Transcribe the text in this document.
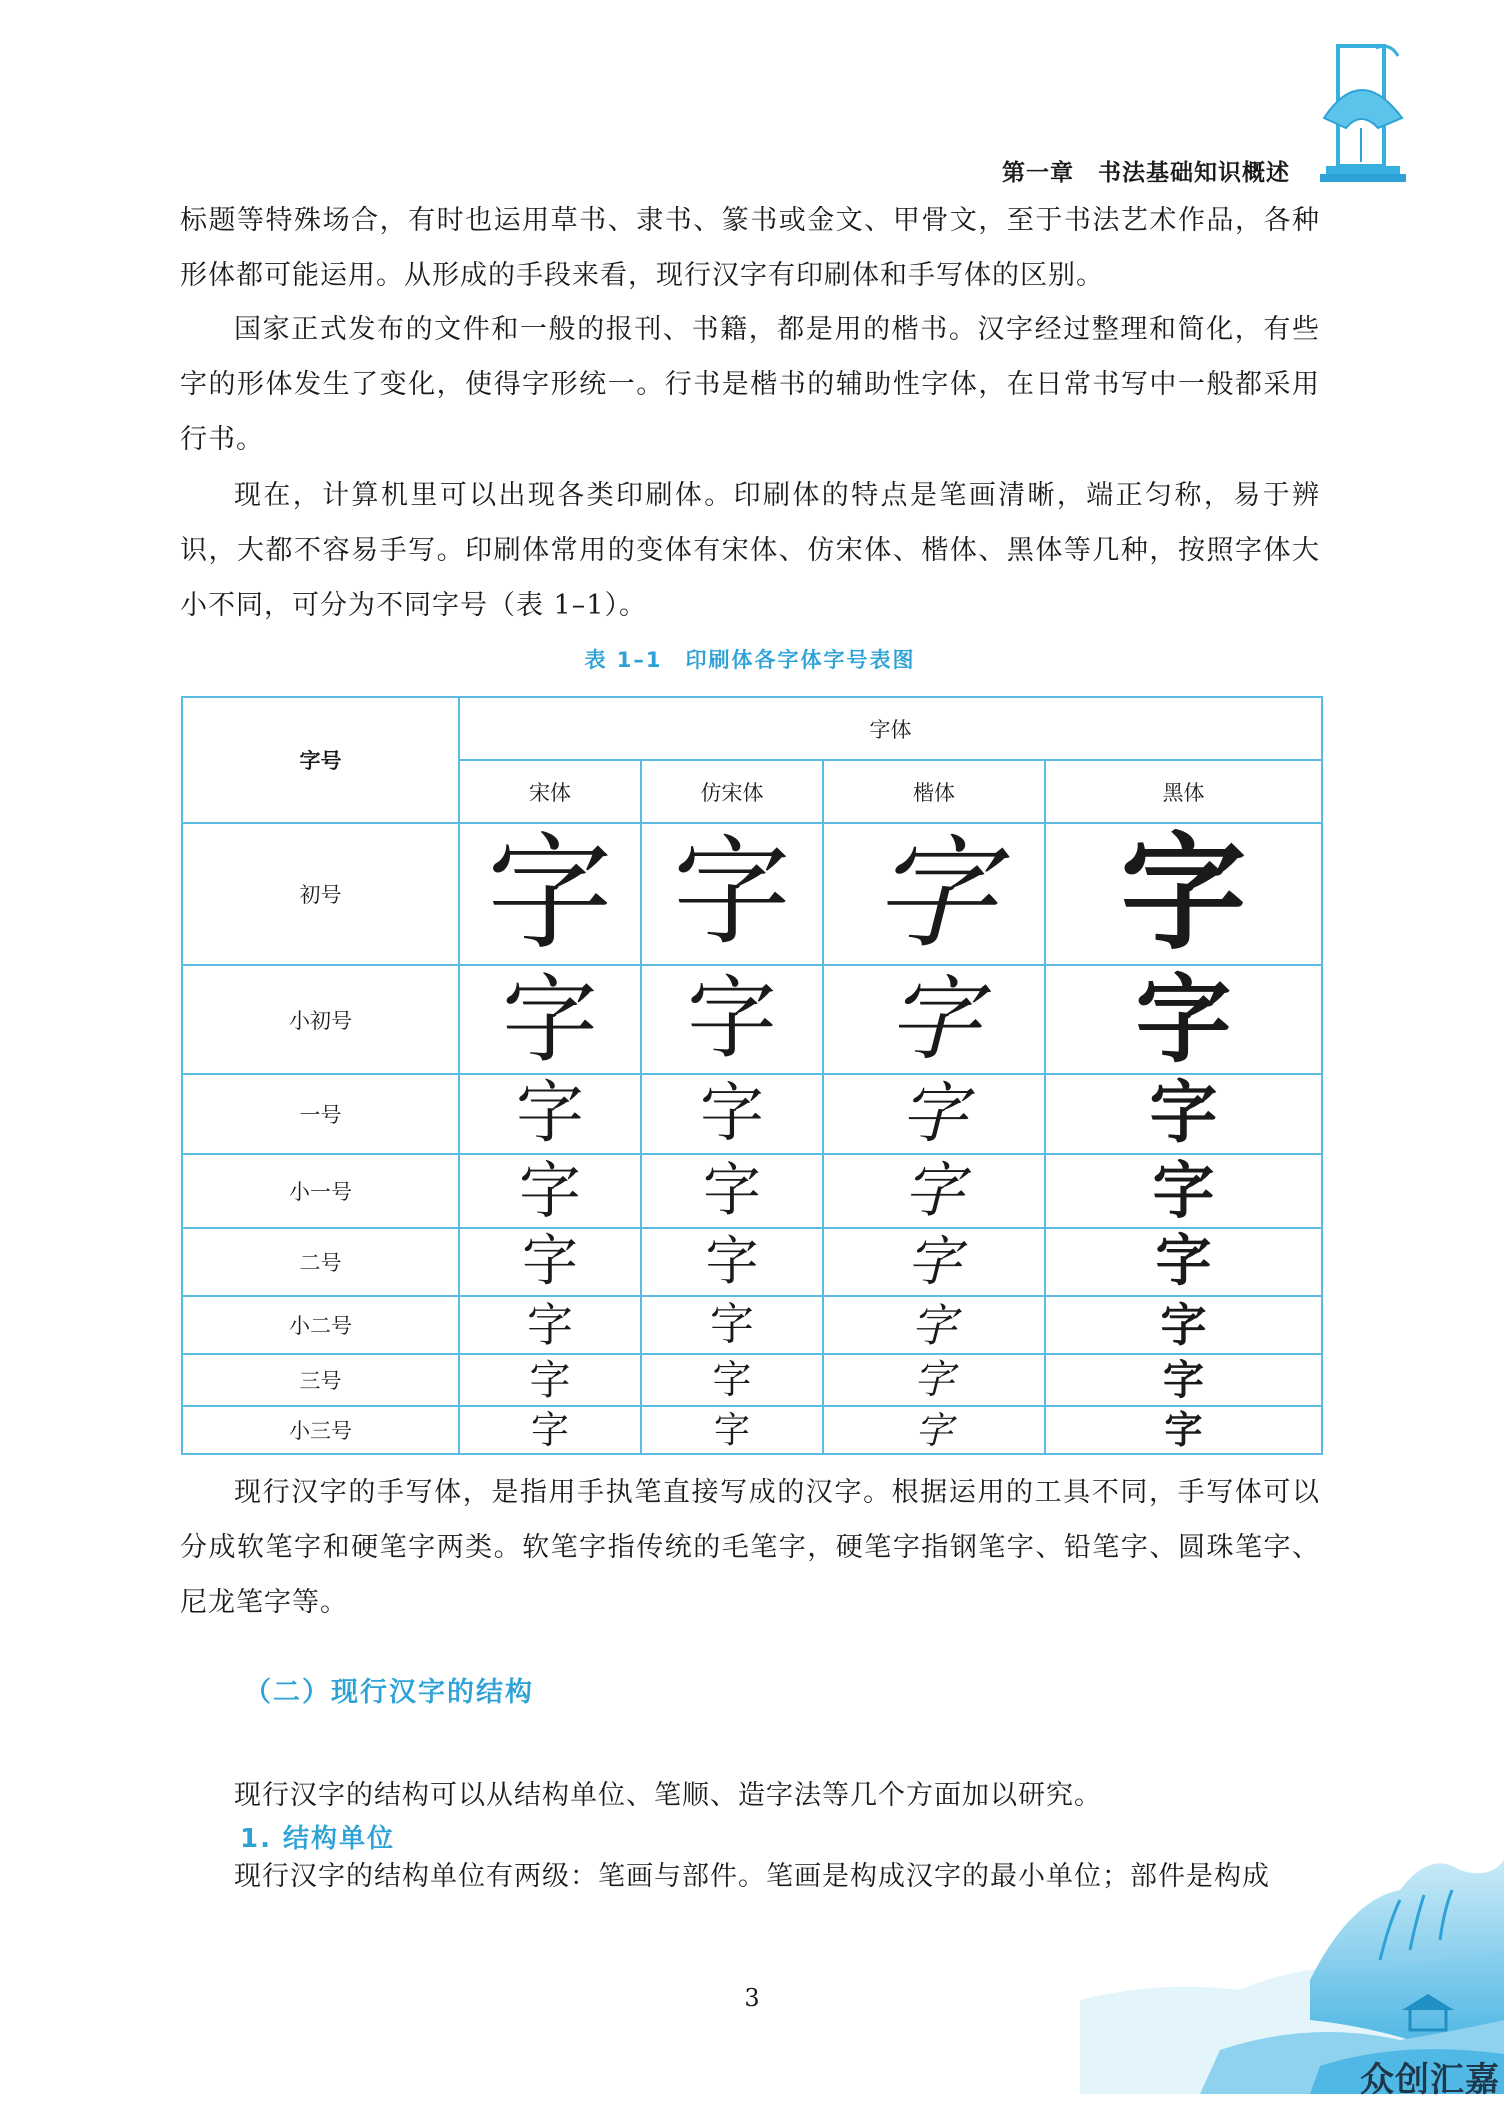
第一章　书法基础知识概述

标题等特殊场合，有时也运用草书、隶书、篆书或金文、甲骨文，至于书法艺术作品，各种形体都可能运用。从形成的手段来看，现行汉字有印刷体和手写体的区别。

国家正式发布的文件和一般的报刊、书籍，都是用的楷书。汉字经过整理和简化，有些字的形体发生了变化，使得字形统一。行书是楷书的辅助性字体，在日常书写中一般都采用行书。

现在，计算机里可以出现各类印刷体。印刷体的特点是笔画清晰，端正匀称，易于辨识，大都不容易手写。印刷体常用的变体有宋体、仿宋体、楷体、黑体等几种，按照字体大小不同，可分为不同字号（表 1–1）。

表 1–1　印刷体各字体字号表图
字号	字体			
	宋体	仿宋体	楷体	黑体
初号	字	字	字	字
小初号	字	字	字	字
一号	字	字	字	字
小一号	字	字	字	字
二号	字	字	字	字
小二号	字	字	字	字
三号	字	字	字	字
小三号	字	字	字	字

现行汉字的手写体，是指用手执笔直接写成的汉字。根据运用的工具不同，手写体可以分成软笔字和硬笔字两类。软笔字指传统的毛笔字，硬笔字指钢笔字、铅笔字、圆珠笔字、尼龙笔字等。

（二）现行汉字的结构

现行汉字的结构可以从结构单位、笔顺、造字法等几个方面加以研究。

1. 结构单位

现行汉字的结构单位有两级：笔画与部件。笔画是构成汉字的最小单位；部件是构成

3
众创汇嘉
